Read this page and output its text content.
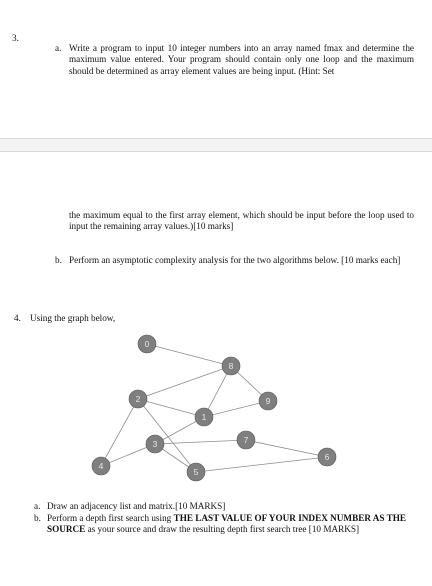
3.
a. Write a program to input 10 integer numbers into an array named fmax and determine the maximum value entered. Your program should contain only one loop and the maximum should be determined as array element values are being input. (Hint: Set
the maximum equal to the first array element, which should be input before the loop used to input the remaining array values.)[10 marks]
b. Perform an asymptotic complexity analysis for the two algorithms below. [10 marks each]
4. Using the graph below,
0
8
2	9
1
3	7
6
4
5
a. Draw an adjacency list and matrix.[10 MARKS]
b. Perform a depth first search using THE LAST VALUE OF YOUR INDEX NUMBER AS THE SOURCE as your source and draw the resulting depth first search tree [10 MARKS]
